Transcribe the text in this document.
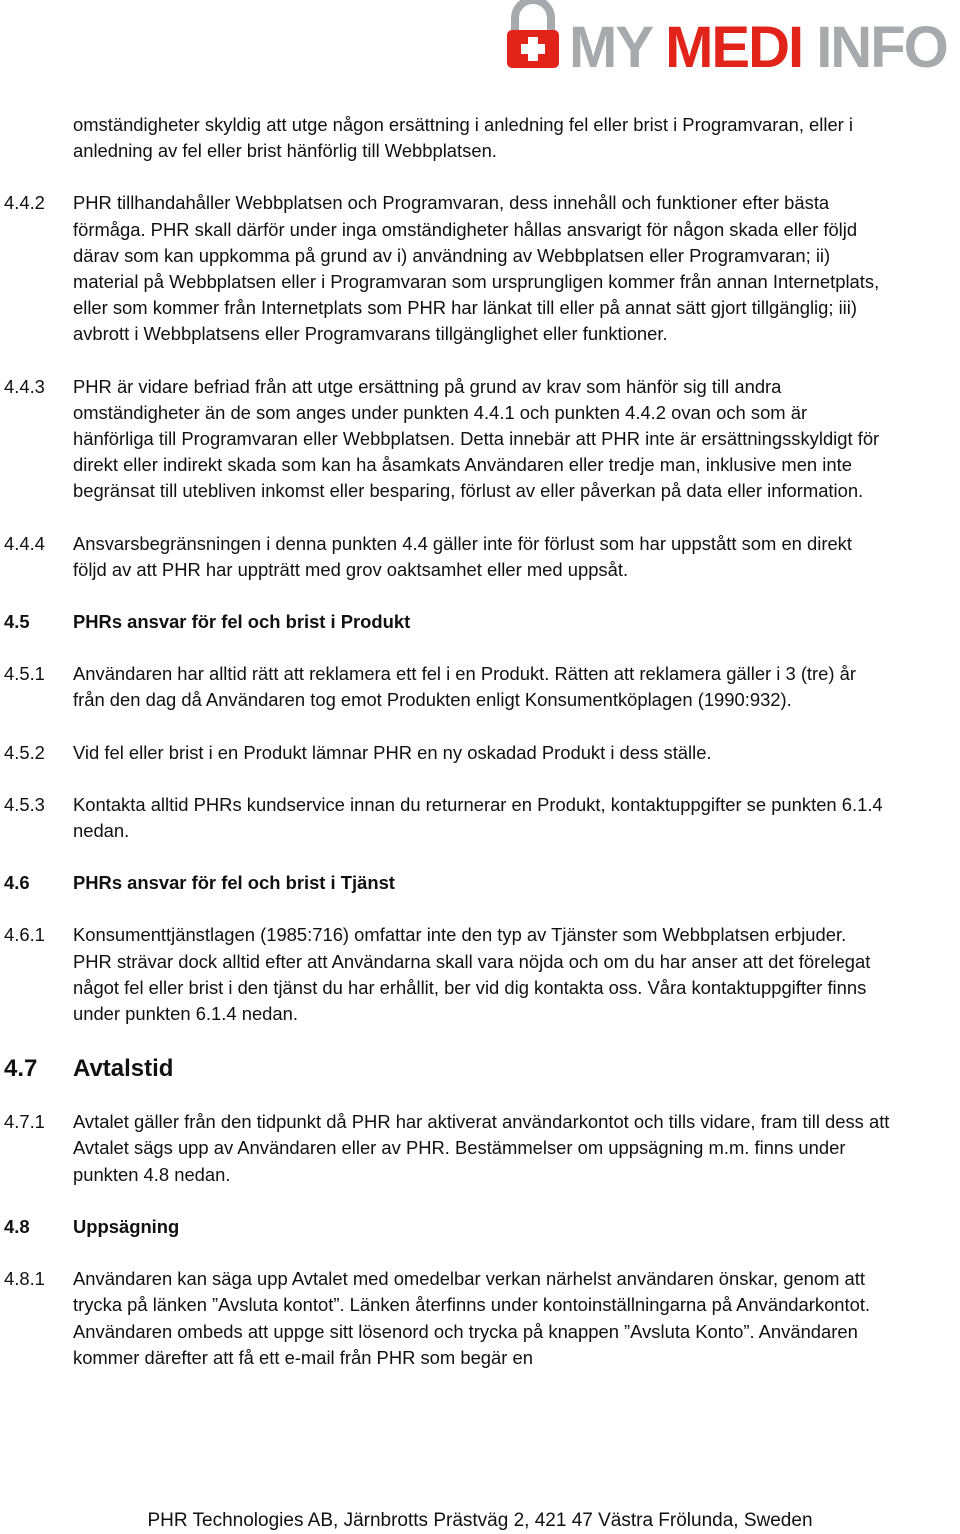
MY MEDI INFO
omständigheter skyldig att utge någon ersättning i anledning fel eller brist i Programvaran, eller i anledning av fel eller brist hänförlig till Webbplatsen.
4.4.2	PHR tillhandahåller Webbplatsen och Programvaran, dess innehåll och funktioner efter bästa förmåga. PHR skall därför under inga omständigheter hållas ansvarigt för någon skada eller följd därav som kan uppkomma på grund av i) användning av Webbplatsen eller Programvaran; ii) material på Webbplatsen eller i Programvaran som ursprungligen kommer från annan Internetplats, eller som kommer från Internetplats som PHR har länkat till eller på annat sätt gjort tillgänglig; iii) avbrott i Webbplatsens eller Programvarans tillgänglighet eller funktioner.
4.4.3	PHR är vidare befriad från att utge ersättning på grund av krav som hänför sig till andra omständigheter än de som anges under punkten 4.4.1 och punkten 4.4.2 ovan och som är hänförliga till Programvaran eller Webbplatsen. Detta innebär att PHR inte är ersättningsskyldigt för direkt eller indirekt skada som kan ha åsamkats Användaren eller tredje man, inklusive men inte begränsat till utebliven inkomst eller besparing, förlust av eller påverkan på data eller information.
4.4.4	Ansvarsbegränsningen i denna punkten 4.4 gäller inte för förlust som har uppstått som en direkt följd av att PHR har uppträtt med grov oaktsamhet eller med uppsåt.
4.5	PHRs ansvar för fel och brist i Produkt
4.5.1	Användaren har alltid rätt att reklamera ett fel i en Produkt. Rätten att reklamera gäller i 3 (tre) år från den dag då Användaren tog emot Produkten enligt Konsumentköplagen (1990:932).
4.5.2	Vid fel eller brist i en Produkt lämnar PHR en ny oskadad Produkt i dess ställe.
4.5.3	Kontakta alltid PHRs kundservice innan du returnerar en Produkt, kontaktuppgifter se punkten 6.1.4 nedan.
4.6	PHRs ansvar för fel och brist i Tjänst
4.6.1	Konsumenttjänstlagen (1985:716) omfattar inte den typ av Tjänster som Webbplatsen erbjuder. PHR strävar dock alltid efter att Användarna skall vara nöjda och om du har anser att det förelegat något fel eller brist i den tjänst du har erhållit, ber vid dig kontakta oss. Våra kontaktuppgifter finns under punkten 6.1.4 nedan.
4.7	Avtalstid
4.7.1	Avtalet gäller från den tidpunkt då PHR har aktiverat användarkontot och tills vidare, fram till dess att Avtalet sägs upp av Användaren eller av PHR. Bestämmelser om uppsägning m.m. finns under punkten 4.8 nedan.
4.8	Uppsägning
4.8.1	Användaren kan säga upp Avtalet med omedelbar verkan närhelst användaren önskar, genom att trycka på länken ”Avsluta kontot”. Länken återfinns under kontoinställningarna på Användarkontot. Användaren ombeds att uppge sitt lösenord och trycka på knappen ”Avsluta Konto”. Användaren kommer därefter att få ett e-mail från PHR som begär en
PHR Technologies AB, Järnbrotts Prästväg 2, 421 47 Västra Frölunda, Sweden
